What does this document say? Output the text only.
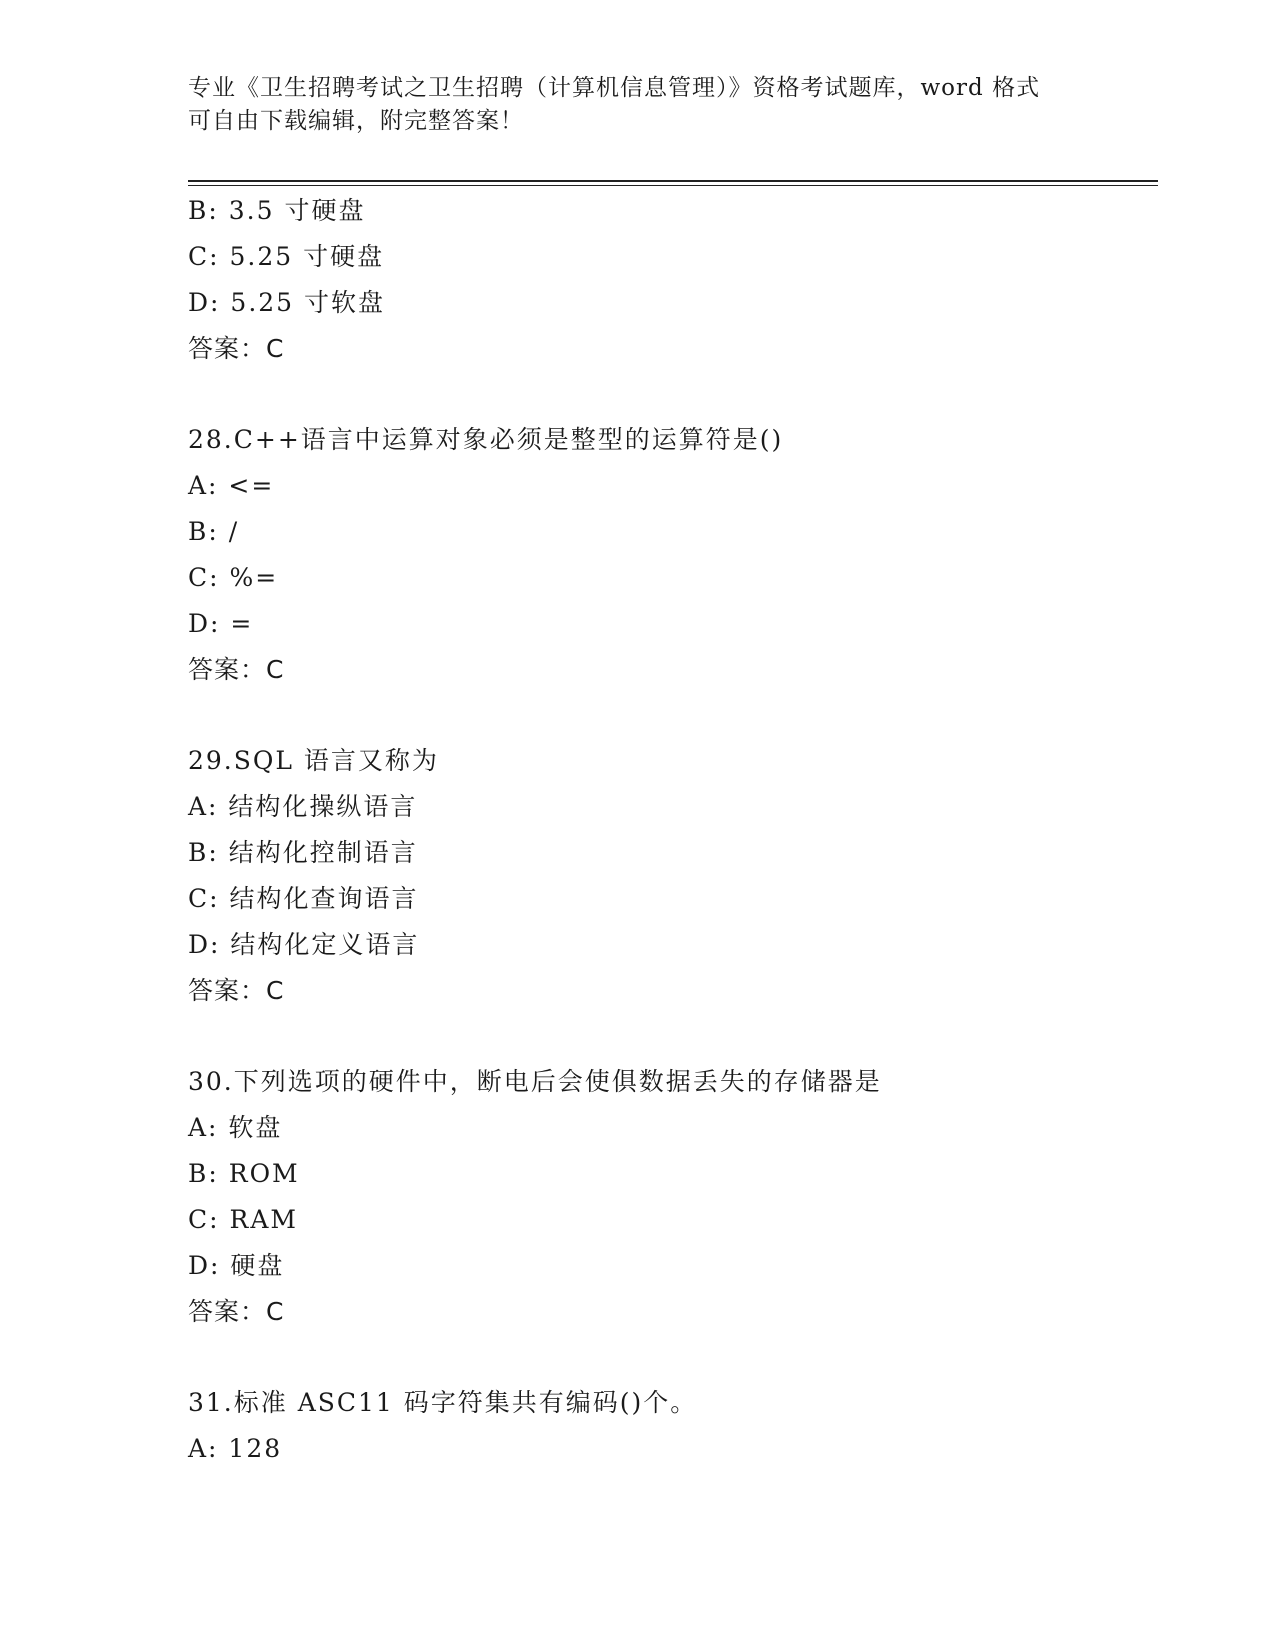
专业《卫生招聘考试之卫生招聘（计算机信息管理）》资格考试题库，word 格式
可自由下载编辑，附完整答案！
B: 3.5 寸硬盘
C: 5.25 寸硬盘
D: 5.25 寸软盘
答案：C
28.C++语言中运算对象必须是整型的运算符是()
A: <=
B: /
C: %=
D: =
答案：C
29.SQL 语言又称为
A: 结构化操纵语言
B: 结构化控制语言
C: 结构化查询语言
D: 结构化定义语言
答案：C
30.下列选项的硬件中，断电后会使俱数据丢失的存储器是
A: 软盘
B: ROM
C: RAM
D: 硬盘
答案：C
31.标准 ASC11 码字符集共有编码()个。
A: 128
